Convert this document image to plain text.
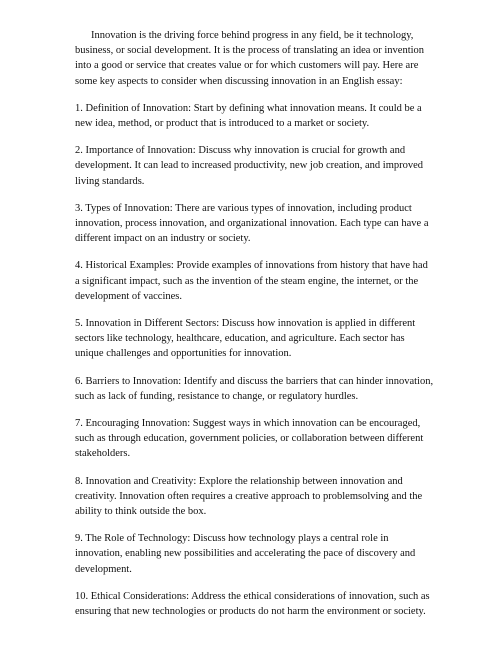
Innovation is the driving force behind progress in any field, be it technology, business, or social development. It is the process of translating an idea or invention into a good or service that creates value or for which customers will pay. Here are some key aspects to consider when discussing innovation in an English essay:

1. Definition of Innovation: Start by defining what innovation means. It could be a new idea, method, or product that is introduced to a market or society.

2. Importance of Innovation: Discuss why innovation is crucial for growth and development. It can lead to increased productivity, new job creation, and improved living standards.

3. Types of Innovation: There are various types of innovation, including product innovation, process innovation, and organizational innovation. Each type can have a different impact on an industry or society.

4. Historical Examples: Provide examples of innovations from history that have had a significant impact, such as the invention of the steam engine, the internet, or the development of vaccines.

5. Innovation in Different Sectors: Discuss how innovation is applied in different sectors like technology, healthcare, education, and agriculture. Each sector has unique challenges and opportunities for innovation.

6. Barriers to Innovation: Identify and discuss the barriers that can hinder innovation, such as lack of funding, resistance to change, or regulatory hurdles.

7. Encouraging Innovation: Suggest ways in which innovation can be encouraged, such as through education, government policies, or collaboration between different stakeholders.

8. Innovation and Creativity: Explore the relationship between innovation and creativity. Innovation often requires a creative approach to problemsolving and the ability to think outside the box.

9. The Role of Technology: Discuss how technology plays a central role in innovation, enabling new possibilities and accelerating the pace of discovery and development.

10. Ethical Considerations: Address the ethical considerations of innovation, such as ensuring that new technologies or products do not harm the environment or society.
